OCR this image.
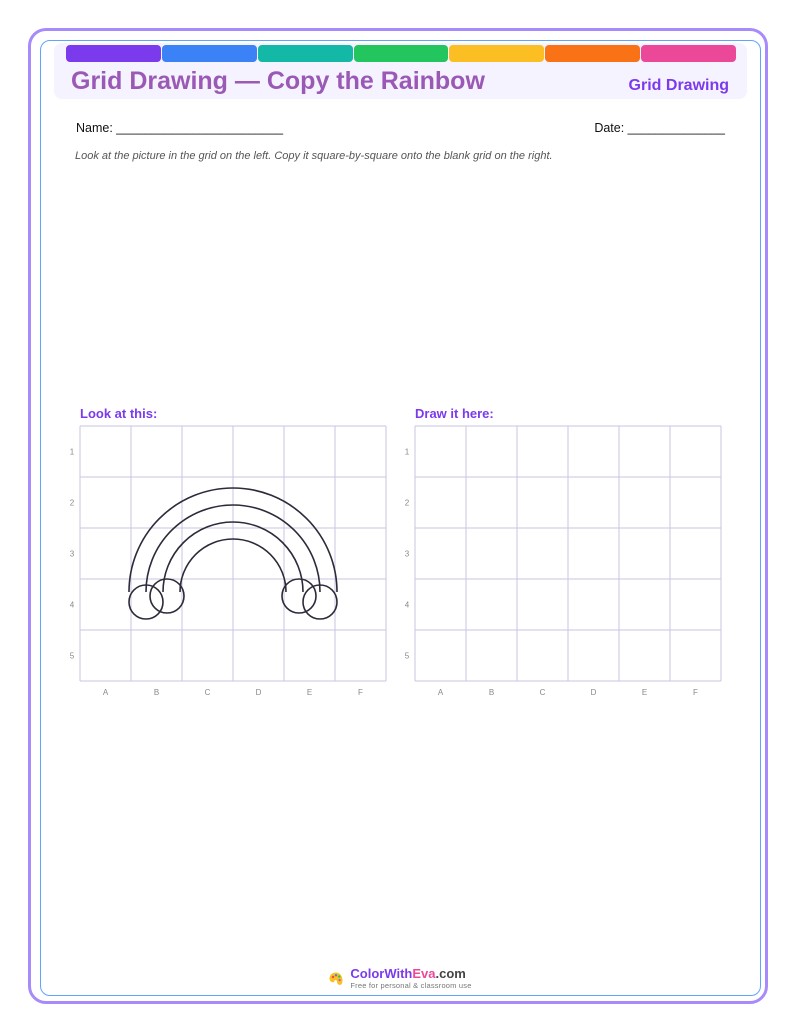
Grid Drawing — Copy the Rainbow	Grid Drawing
Name: ________________________	Date: ______________
Look at the picture in the grid on the left. Copy it square-by-square onto the blank grid on the right.
Look at this:	Draw it here:
A	B	C	D	E	F
1
2
3
4
5
A	B	C	D	E	F
1
2
3
4
5
ColorWithEva.com
Free for personal & classroom use
